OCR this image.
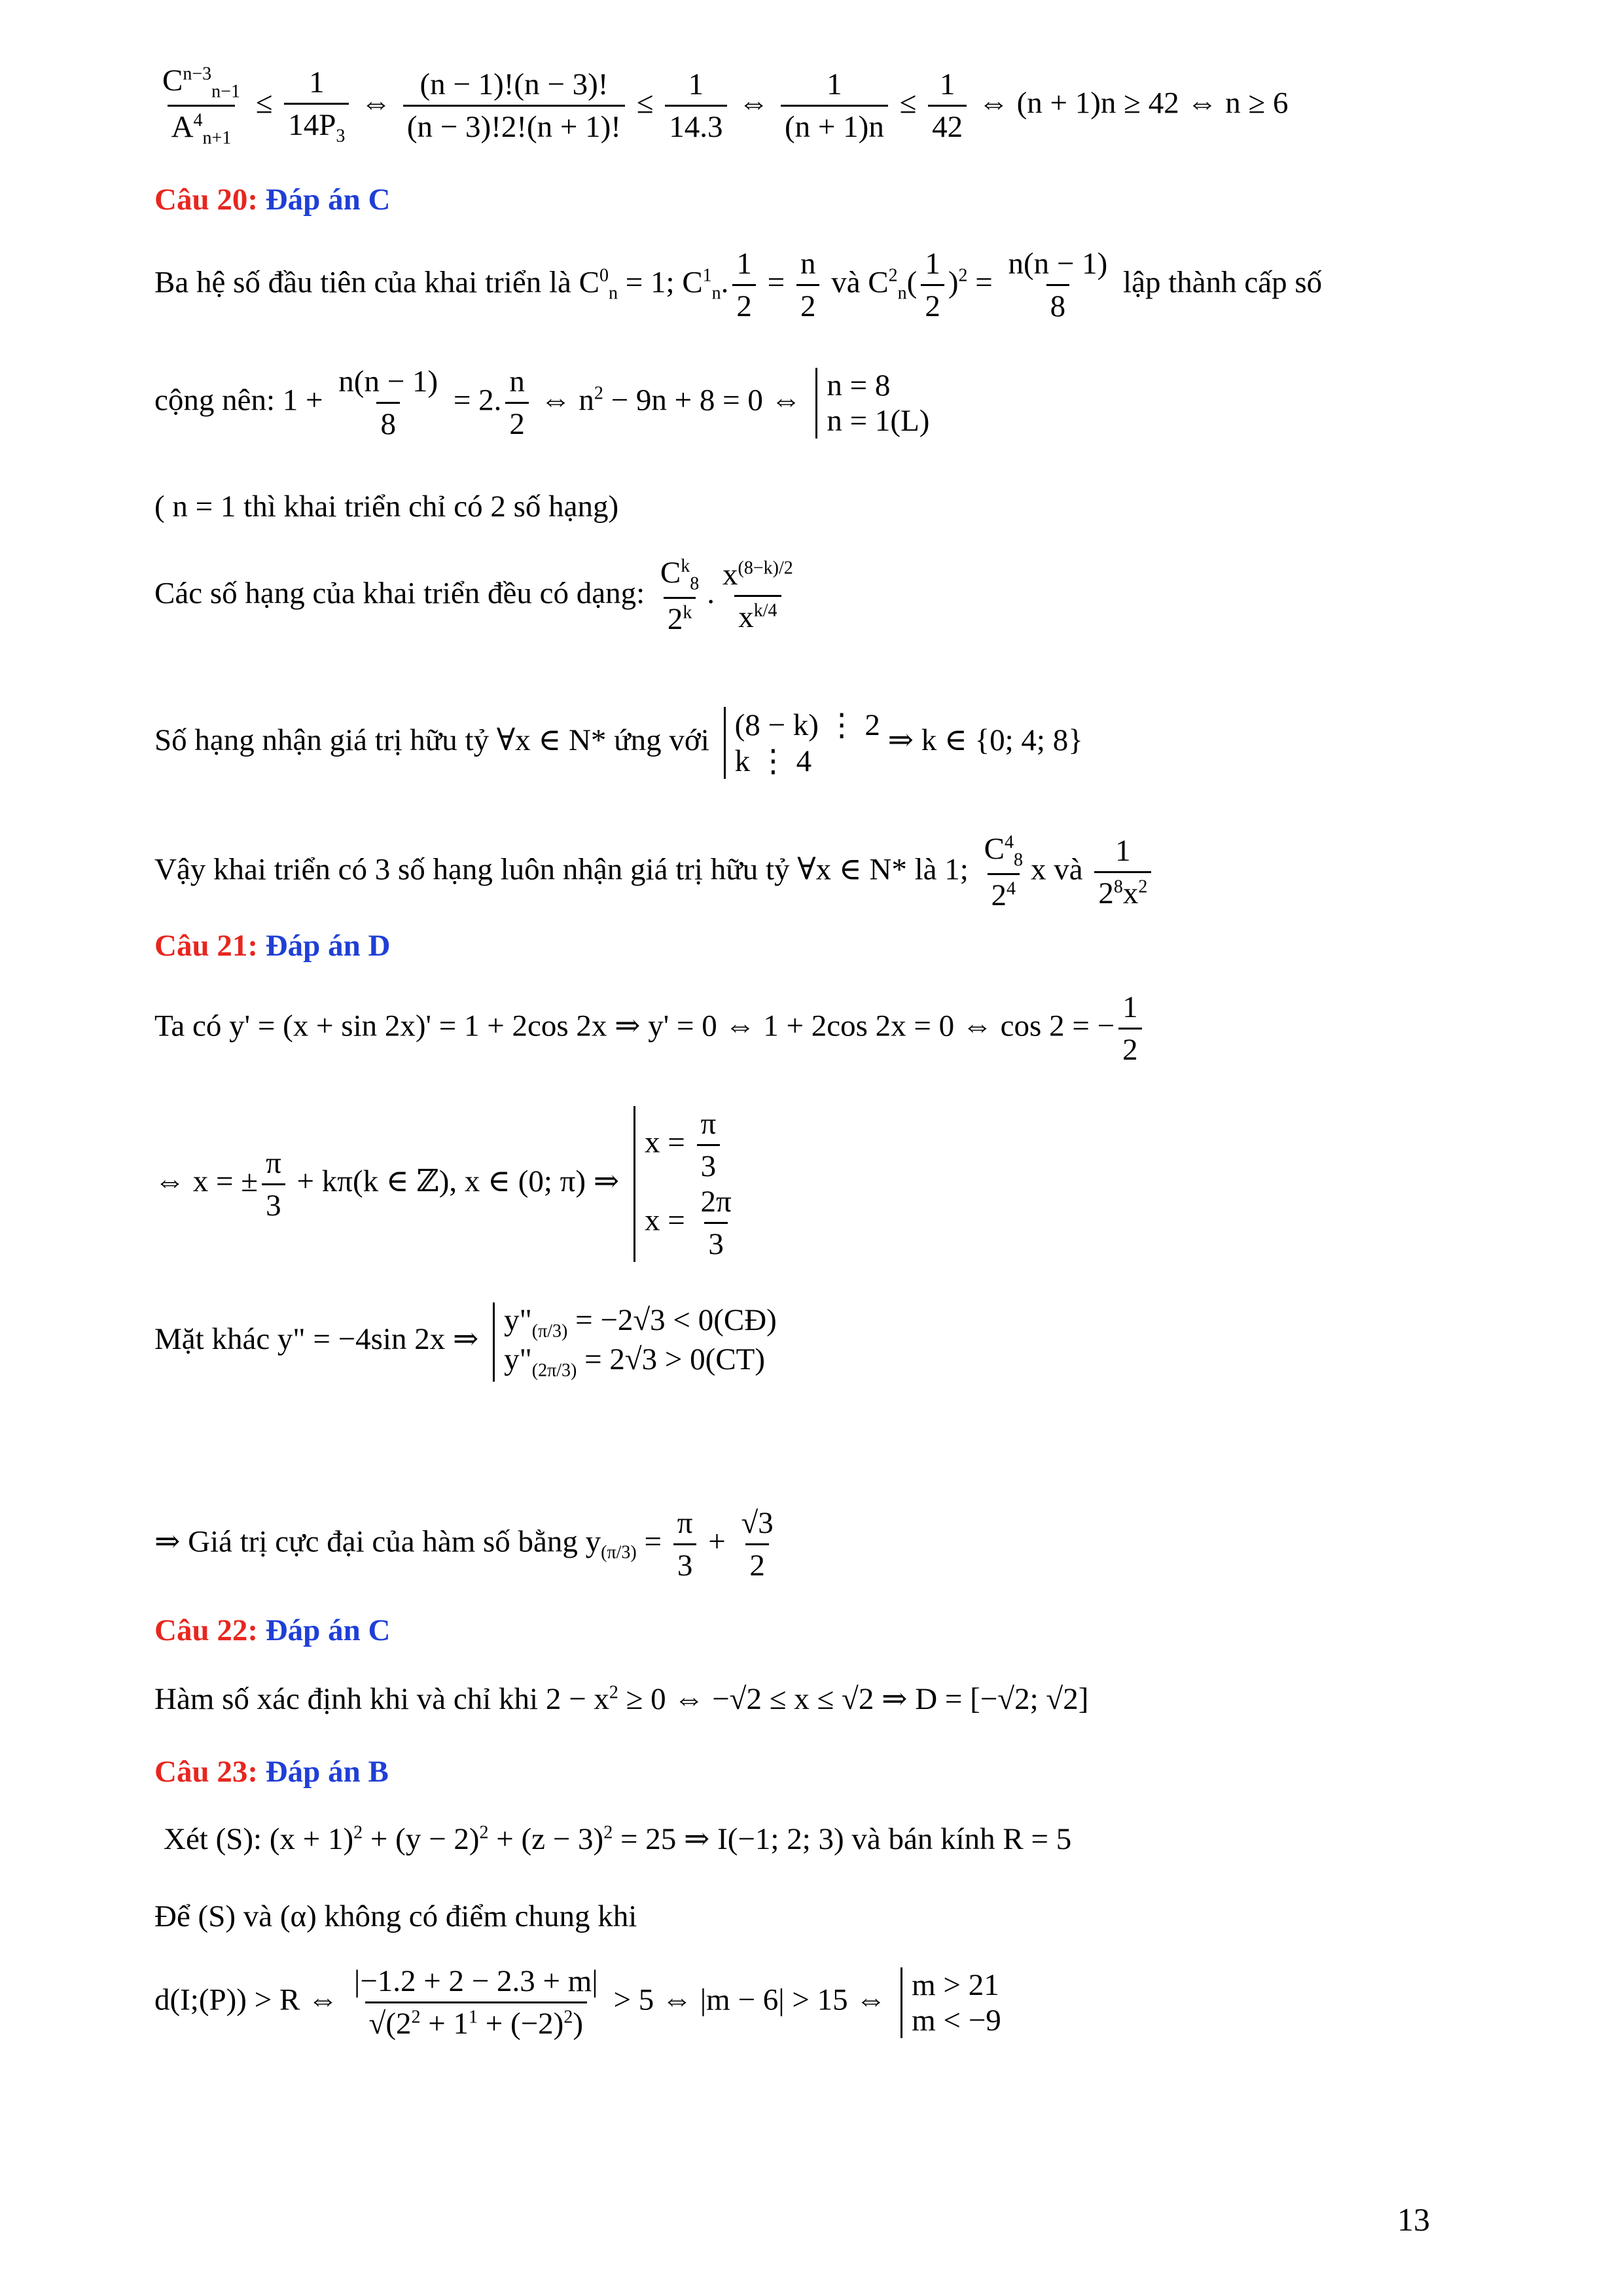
$\frac{C^{n-3}_{n-1}}{A^4_{n+1}} \le \frac{1}{14P_3}$ ⇔ $\frac{(n - 1)!(n - 3)!}{(n - 3)!2!(n + 1)!} \le \frac{1}{14.3}$ ⇔ $\frac{1}{(n + 1)n} \le \frac{1}{42}$ ⇔ (n + 1)n ≥ 42 ⇔ n ≥ 6
Câu 20: Đáp án C
Ba hệ số đầu tiên của khai triển là $C^0_n = 1$; $C^1_n$. $\frac{1}{2} = \frac{n}{2}$ và $C^2_n( \frac{1}{2} )^2 = \frac{n(n - 1)}{8}$ lập thành cấp số
cộng nên: $1 + \frac{n(n - 1)}{8} = 2$. $\frac{n}{2}$ ⇔ $n^2 - 9n + 8 = 0$ ⇔ n = 8
n = 1(L)
( n = 1 thì khai triển chỉ có 2 số hạng)
Các số hạng của khai triển đều có dạng: $\frac{C^k_8}{2^k}$ . $\frac{x^{(8-k)/2}}{x^{k/4}}$
Số hạng nhận giá trị hữu tỷ ∀x ∈ N* ứng với (8 − k) ⋮ 2
k ⋮ 4
⇒ k ∈ {0; 4; 8}
Vậy khai triển có 3 số hạng luôn nhận giá trị hữu tỷ ∀x ∈ N* là 1; $\frac{C^4_8}{2^4}$ x và $\frac{1}{2^8x^2}$
Câu 21: Đáp án D
Ta có y' = (x + sin 2x)' = 1 + 2cos 2x ⇒ y' = 0 ⇔ 1 + 2cos 2x = 0 ⇔ cos 2 = − $\frac{1}{2}$
⇔ x = ± $\frac{\pi}{3} + k\pi(k$ ∈ ℤ), x ∈ (0; π) ⇒
$x = \frac{\pi}{3}$
$x = \frac{2\pi}{3}$
Mặt khác y" = −4sin 2x ⇒
$y"_{(\pi/3)} = -2√3$ < 0(CĐ)
$y"_{(2\pi/3)} = 2√3 > 0(CT)$
⇒ Giá trị cực đại của hàm số bằng $y_{(\pi/3)} = \frac{\pi}{3} + \frac{√3}{2}$
Câu 22: Đáp án C
Hàm số xác định khi và chỉ khi $2 - x^2 \ge 0$ ⇔ −√2 ≤ x ≤ √2 ⇒ D = [−√2; √2]
Câu 23: Đáp án B
Xét (S): $(x + 1)^2 + (y - 2)^2 + (z - 3)^2 = 25$ ⇒ I(−1; 2; 3) và bán kính R = 5
Để (S) và (α) không có điểm chung khi
d(I;(P)) > R ⇔ $\frac{|-1.2 + 2 - 2.3 + m|}{√(2^2 + 1^1 + (-2)^2)} > 5$ ⇔ |m − 6| > 15 ⇔ m > 21
m < −9
13
